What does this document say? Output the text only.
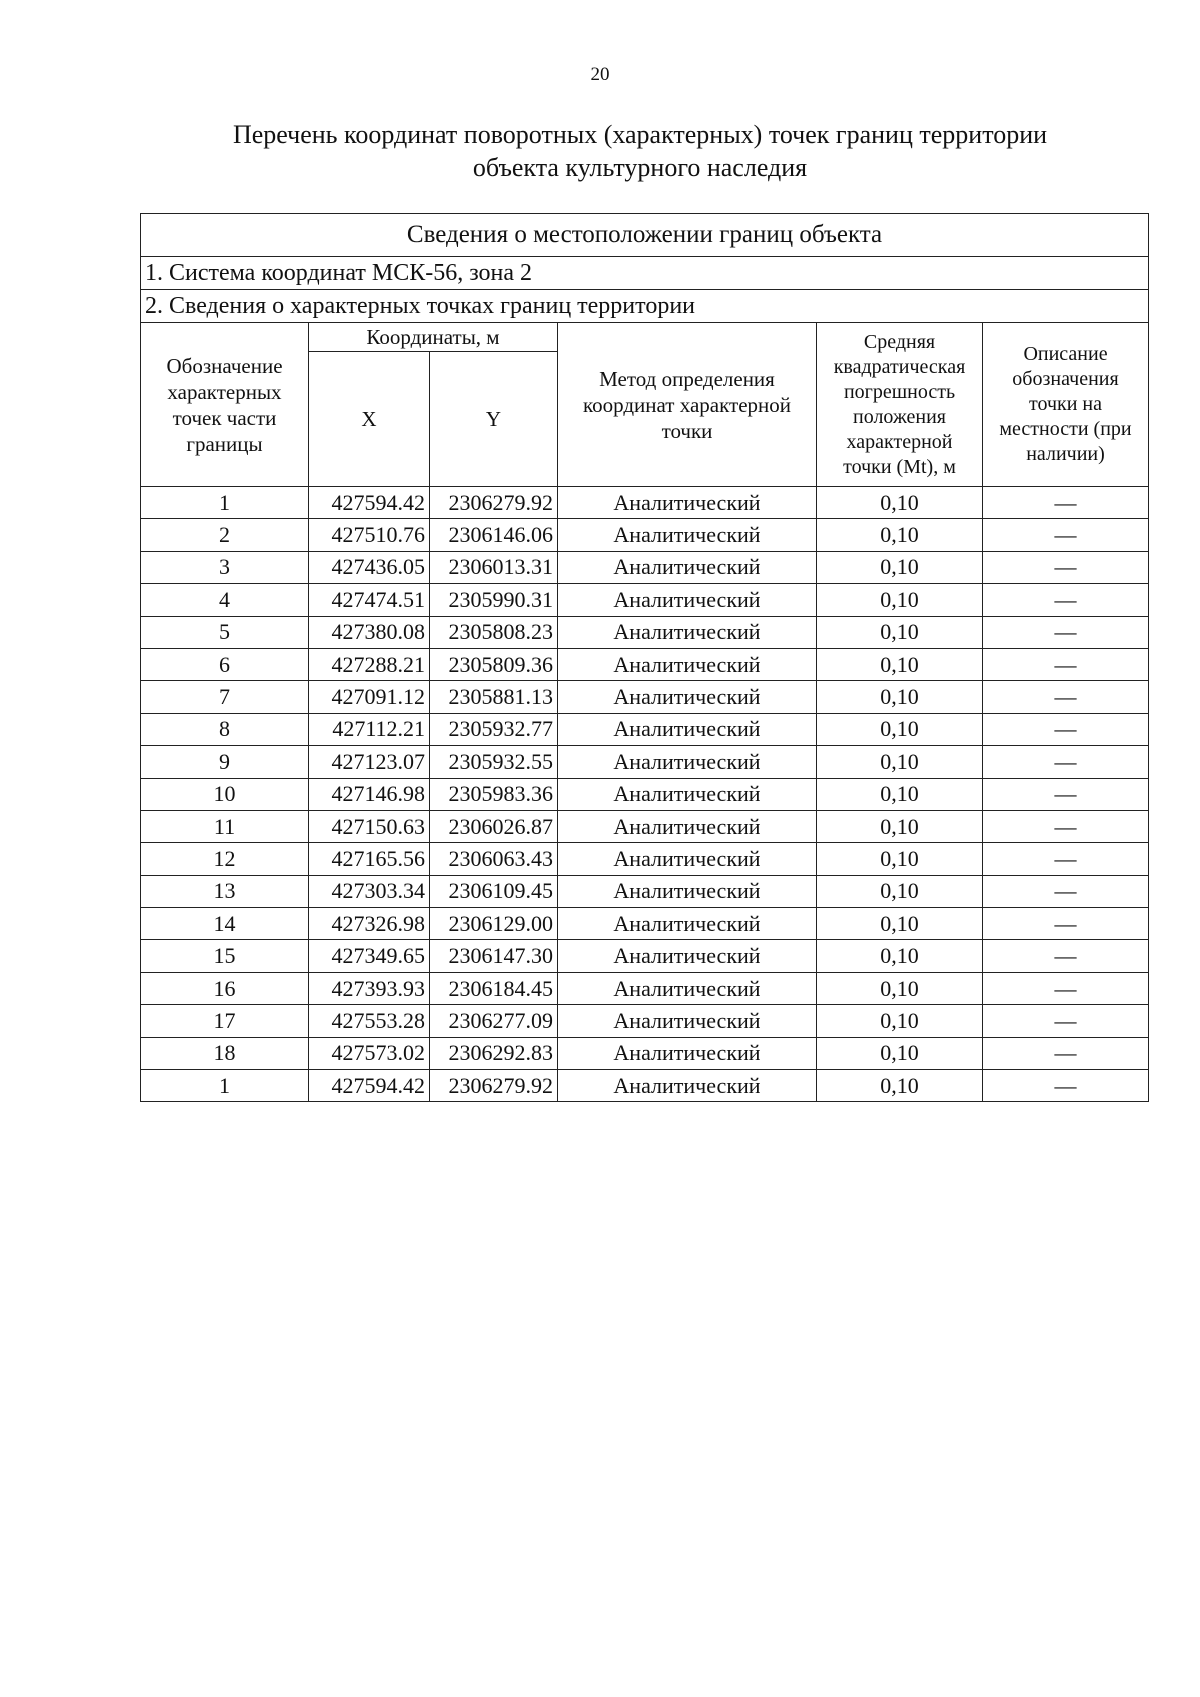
20
Перечень координат поворотных (характерных) точек границ территории
объекта культурного наследия
Сведения о местоположении границ объекта					
1. Система координат МСК-56, зона 2					
2. Сведения о характерных точках границ территории					
Обозначение характерных точек части границы	Координаты, м		Метод определения координат характерной точки	Средняя квадратическая погрешность положения характерной точки (Mt), м	Описание обозначения точки на местности (при наличии)
	X	Y			
1	427594.42	2306279.92	Аналитический	0,10	—
2	427510.76	2306146.06	Аналитический	0,10	—
3	427436.05	2306013.31	Аналитический	0,10	—
4	427474.51	2305990.31	Аналитический	0,10	—
5	427380.08	2305808.23	Аналитический	0,10	—
6	427288.21	2305809.36	Аналитический	0,10	—
7	427091.12	2305881.13	Аналитический	0,10	—
8	427112.21	2305932.77	Аналитический	0,10	—
9	427123.07	2305932.55	Аналитический	0,10	—
10	427146.98	2305983.36	Аналитический	0,10	—
11	427150.63	2306026.87	Аналитический	0,10	—
12	427165.56	2306063.43	Аналитический	0,10	—
13	427303.34	2306109.45	Аналитический	0,10	—
14	427326.98	2306129.00	Аналитический	0,10	—
15	427349.65	2306147.30	Аналитический	0,10	—
16	427393.93	2306184.45	Аналитический	0,10	—
17	427553.28	2306277.09	Аналитический	0,10	—
18	427573.02	2306292.83	Аналитический	0,10	—
1	427594.42	2306279.92	Аналитический	0,10	—
